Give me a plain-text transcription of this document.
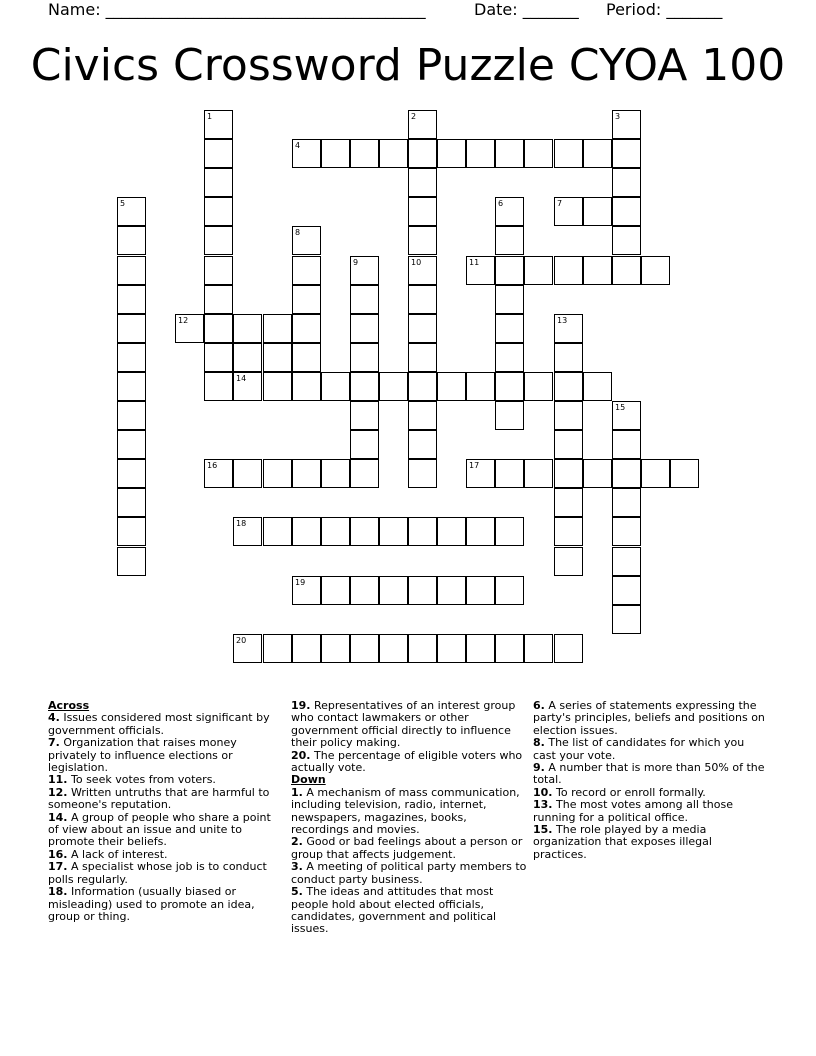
Name: ________________________________________	Date: _______ Period: _______
Civics Crossword Puzzle CYOA 100
1	2	3
4
5	6	7
8
9	10	11
12	13
14
15
16	17
18
19
20
Across
4. Issues considered most significant by government officials.
7. Organization that raises money privately to influence elections or legislation.
11. To seek votes from voters.
12. Written untruths that are harmful to someone's reputation.
14. A group of people who share a point of view about an issue and unite to promote their beliefs.
16. A lack of interest.
17. A specialist whose job is to conduct polls regularly.
18. Information (usually biased or misleading) used to promote an idea, group or thing.
19. Representatives of an interest group who contact lawmakers or other government official directly to influence their policy making.
20. The percentage of eligible voters who actually vote.
Down
1. A mechanism of mass communication, including television, radio, internet, newspapers, magazines, books, recordings and movies.
2. Good or bad feelings about a person or group that affects judgement.
3. A meeting of political party members to conduct party business.
5. The ideas and attitudes that most people hold about elected officials, candidates, government and political issues.
6. A series of statements expressing the party's principles, beliefs and positions on election issues.
8. The list of candidates for which you cast your vote.
9. A number that is more than 50% of the total.
10. To record or enroll formally.
13. The most votes among all those running for a political office.
15. The role played by a media organization that exposes illegal practices.
